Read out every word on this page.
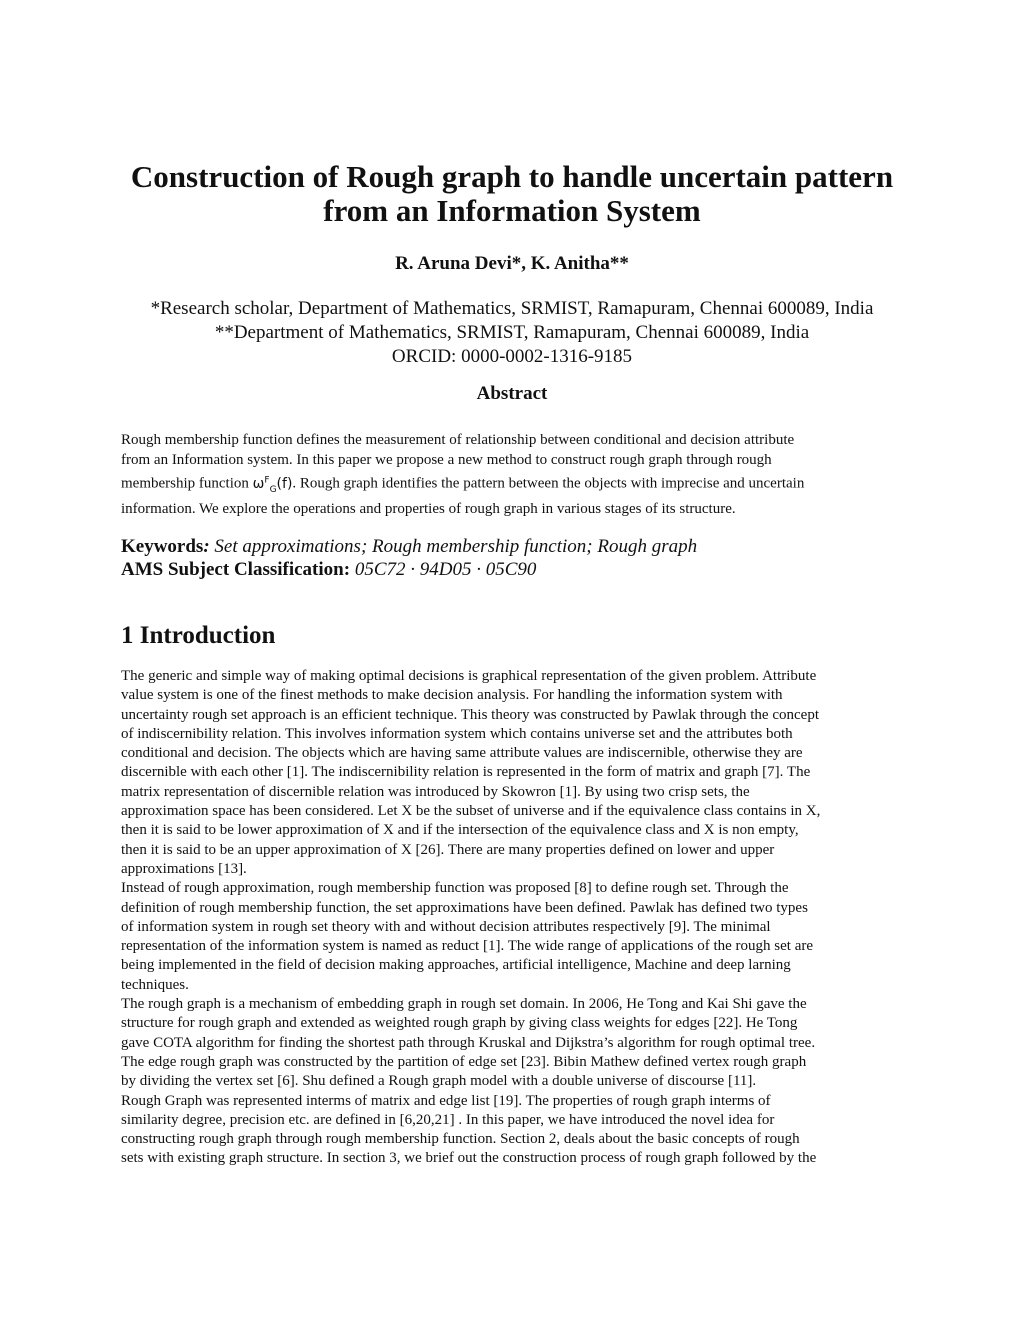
Construction of Rough graph to handle uncertain pattern
from an Information System
R. Aruna Devi*, K. Anitha**
*Research scholar, Department of Mathematics, SRMIST, Ramapuram, Chennai 600089, India
**Department of Mathematics, SRMIST, Ramapuram, Chennai 600089, India
ORCID: 0000-0002-1316-9185
Abstract
Rough membership function defines the measurement of relationship between conditional and decision attribute
from an Information system. In this paper we propose a new method to construct rough graph through rough
membership function $\omega^F_G(f)$. Rough graph identifies the pattern between the objects with imprecise and uncertain
information. We explore the operations and properties of rough graph in various stages of its structure.
Keywords: Set approximations; Rough membership function; Rough graph
AMS Subject Classification: 05C72 · 94D05 · 05C90
1 Introduction
The generic and simple way of making optimal decisions is graphical representation of the given problem. Attribute
value system is one of the finest methods to make decision analysis. For handling the information system with
uncertainty rough set approach is an efficient technique. This theory was constructed by Pawlak through the concept
of indiscernibility relation. This involves information system which contains universe set and the attributes both
conditional and decision. The objects which are having same attribute values are indiscernible, otherwise they are
discernible with each other [1]. The indiscernibility relation is represented in the form of matrix and graph [7]. The
matrix representation of discernible relation was introduced by Skowron [1]. By using two crisp sets, the
approximation space has been considered. Let X be the subset of universe and if the equivalence class contains in X,
then it is said to be lower approximation of X and if the intersection of the equivalence class and X is non empty,
then it is said to be an upper approximation of X [26]. There are many properties defined on lower and upper
approximations [13].
Instead of rough approximation, rough membership function was proposed [8] to define rough set. Through the
definition of rough membership function, the set approximations have been defined. Pawlak has defined two types
of information system in rough set theory with and without decision attributes respectively [9]. The minimal
representation of the information system is named as reduct [1]. The wide range of applications of the rough set are
being implemented in the field of decision making approaches, artificial intelligence, Machine and deep larning
techniques.
The rough graph is a mechanism of embedding graph in rough set domain. In 2006, He Tong and Kai Shi gave the
structure for rough graph and extended as weighted rough graph by giving class weights for edges [22]. He Tong
gave COTA algorithm for finding the shortest path through Kruskal and Dijkstra’s algorithm for rough optimal tree.
The edge rough graph was constructed by the partition of edge set [23]. Bibin Mathew defined vertex rough graph
by dividing the vertex set [6]. Shu defined a Rough graph model with a double universe of discourse [11].
Rough Graph was represented interms of matrix and edge list [19]. The properties of rough graph interms of
similarity degree, precision etc. are defined in [6,20,21] . In this paper, we have introduced the novel idea for
constructing rough graph through rough membership function. Section 2, deals about the basic concepts of rough
sets with existing graph structure. In section 3, we brief out the construction process of rough graph followed by the
